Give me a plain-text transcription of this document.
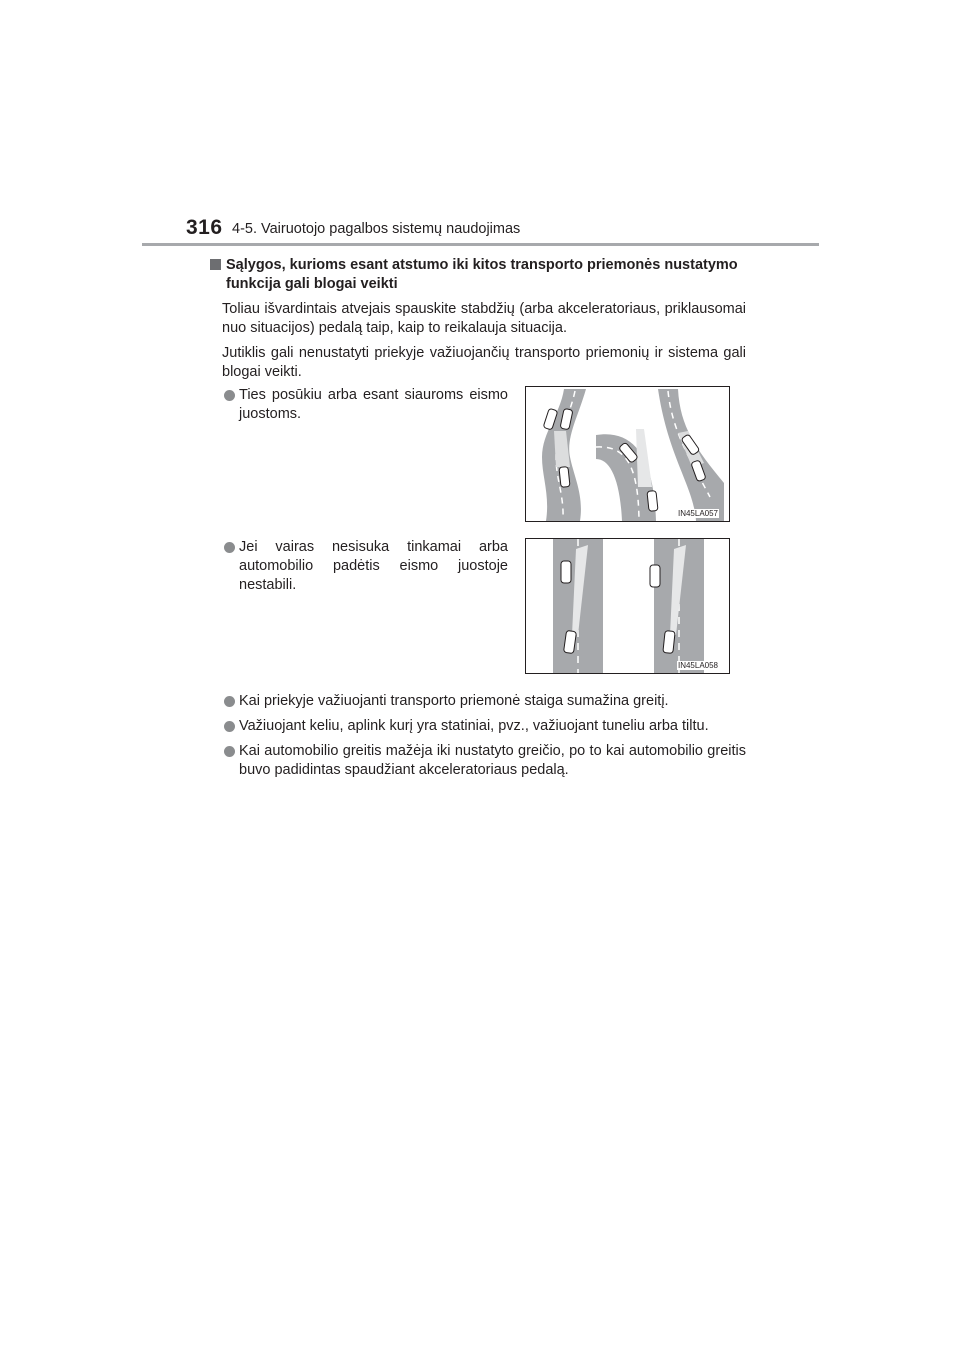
316 4-5. Vairuotojo pagalbos sistemų naudojimas
Sąlygos, kurioms esant atstumo iki kitos transporto priemonės nustatymo funkcija gali blogai veikti

Toliau išvardintais atvejais spauskite stabdžių (arba akceleratoriaus, priklausomai nuo situacijos) pedalą taip, kaip to reikalauja situacija.

Jutiklis gali nenustatyti priekyje važiuojančių transporto priemonių ir sistema gali blogai veikti.

Ties posūkiu arba esant siauroms eismo juostoms.
IN45LA057
Jei vairas nesisuka tinkamai arba automobilio padėtis eismo juostoje nestabili.
IN45LA058
Kai priekyje važiuojanti transporto priemonė staiga sumažina greitį.
Važiuojant keliu, aplink kurį yra statiniai, pvz., važiuojant tuneliu arba tiltu.
Kai automobilio greitis mažėja iki nustatyto greičio, po to kai automobilio greitis buvo padidintas spaudžiant akceleratoriaus pedalą.
